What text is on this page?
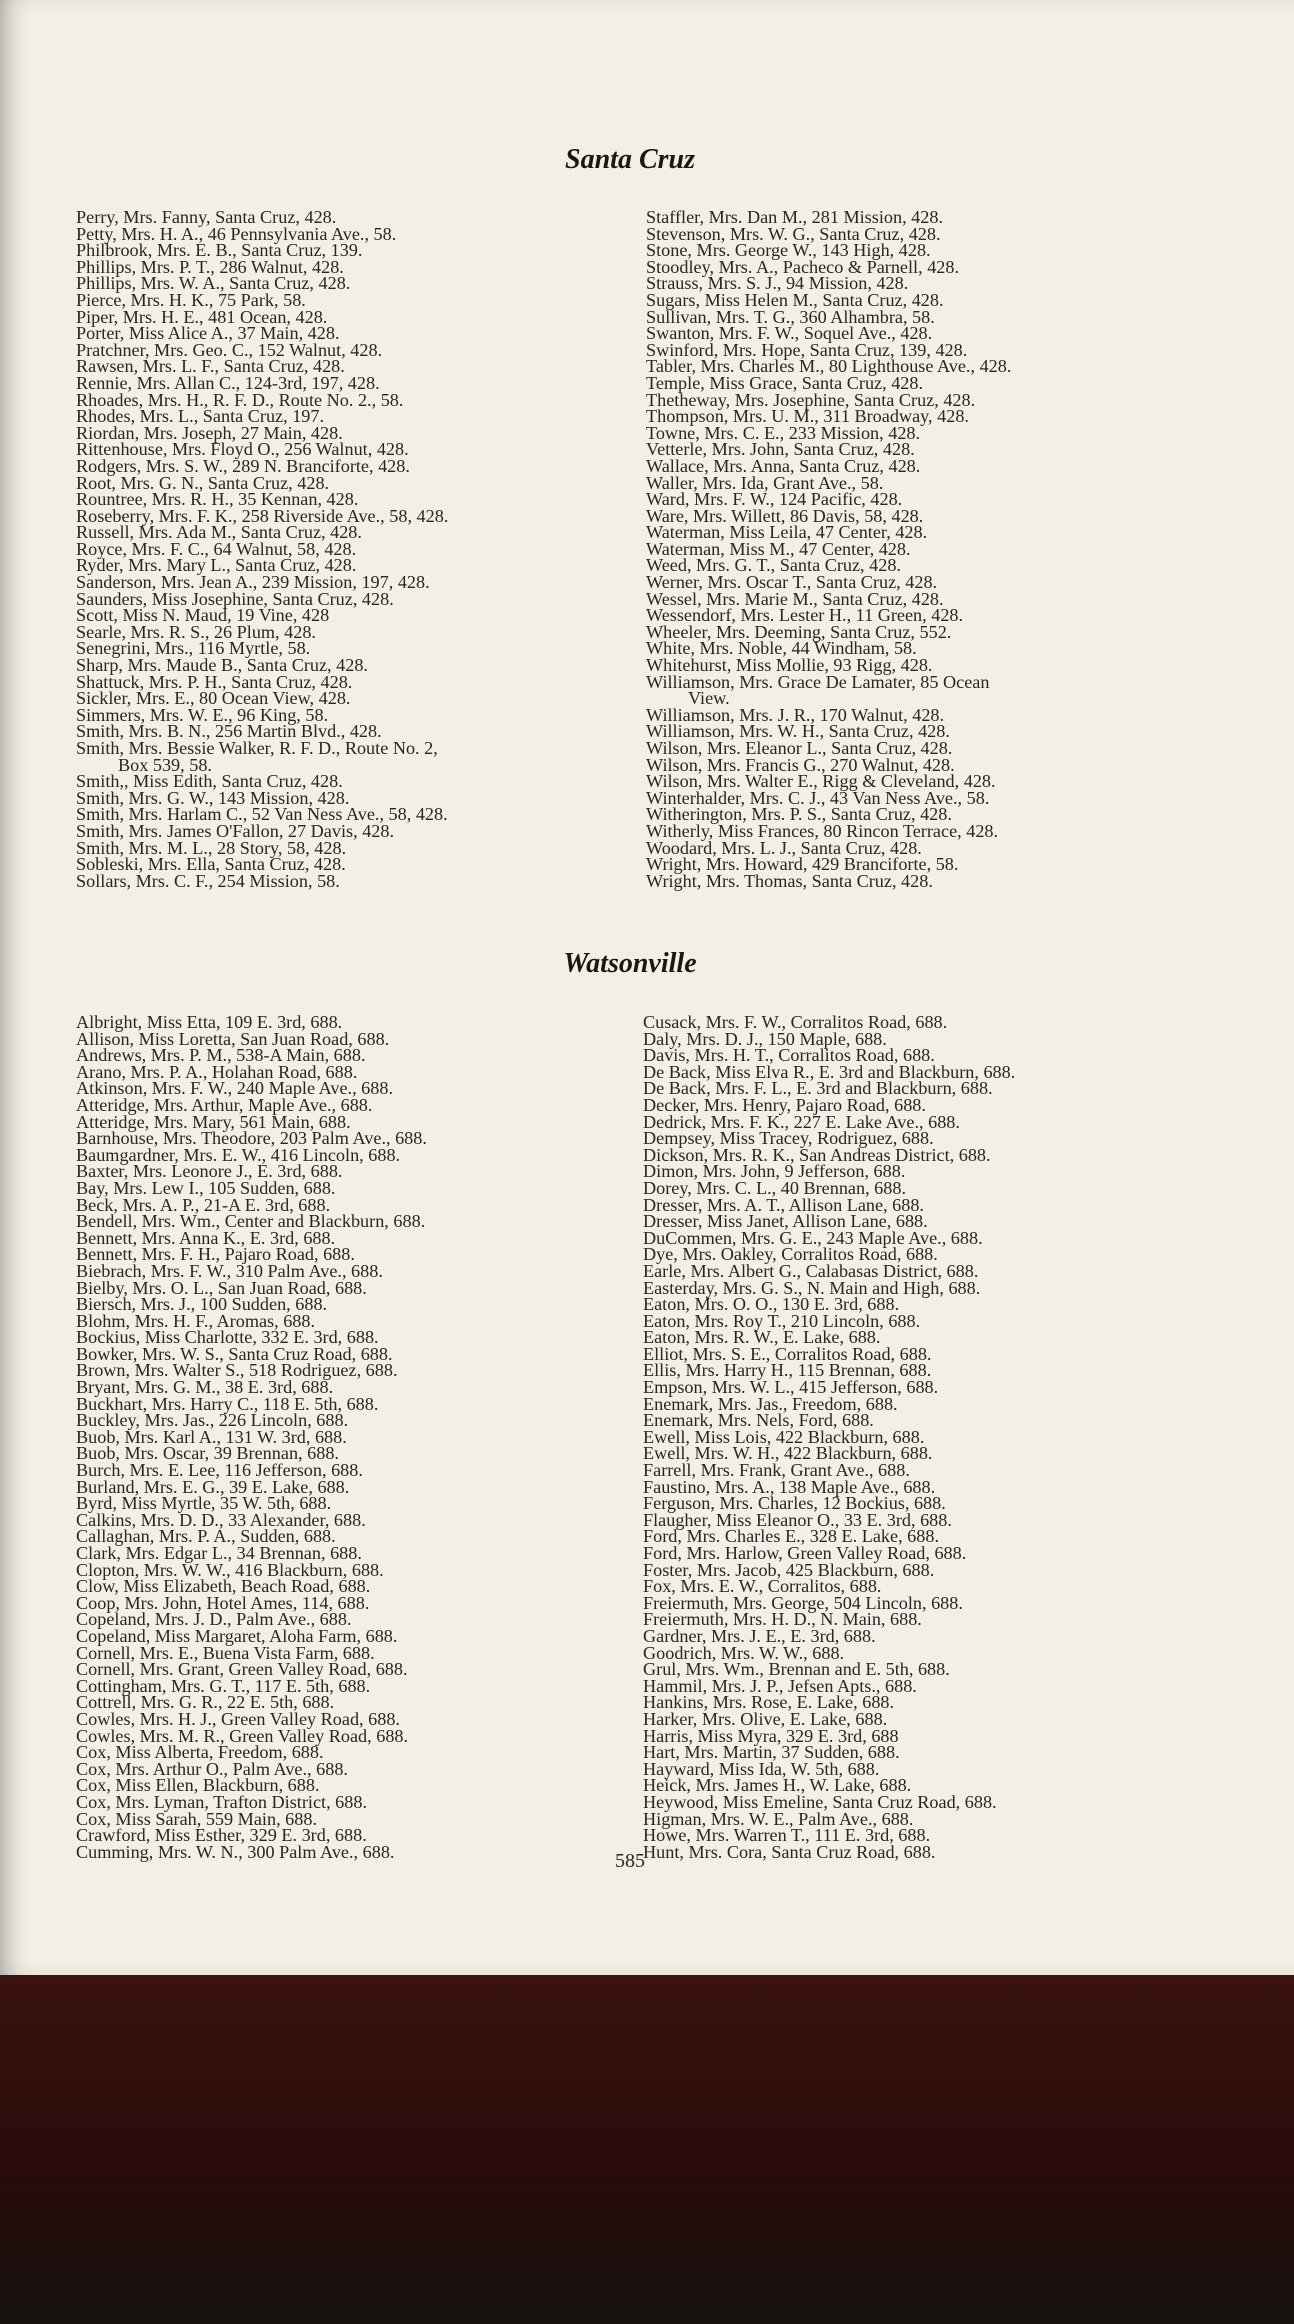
Santa Cruz
Perry, Mrs. Fanny, Santa Cruz, 428.
Petty, Mrs. H. A., 46 Pennsylvania Ave., 58.
Philbrook, Mrs. E. B., Santa Cruz, 139.
Phillips, Mrs. P. T., 286 Walnut, 428.
Phillips, Mrs. W. A., Santa Cruz, 428.
Pierce, Mrs. H. K., 75 Park, 58.
Piper, Mrs. H. E., 481 Ocean, 428.
Porter, Miss Alice A., 37 Main, 428.
Pratchner, Mrs. Geo. C., 152 Walnut, 428.
Rawsen, Mrs. L. F., Santa Cruz, 428.
Rennie, Mrs. Allan C., 124-3rd, 197, 428.
Rhoades, Mrs. H., R. F. D., Route No. 2., 58.
Rhodes, Mrs. L., Santa Cruz, 197.
Riordan, Mrs. Joseph, 27 Main, 428.
Rittenhouse, Mrs. Floyd O., 256 Walnut, 428.
Rodgers, Mrs. S. W., 289 N. Branciforte, 428.
Root, Mrs. G. N., Santa Cruz, 428.
Rountree, Mrs. R. H., 35 Kennan, 428.
Roseberry, Mrs. F. K., 258 Riverside Ave., 58, 428.
Russell, Mrs. Ada M., Santa Cruz, 428.
Royce, Mrs. F. C., 64 Walnut, 58, 428.
Ryder, Mrs. Mary L., Santa Cruz, 428.
Sanderson, Mrs. Jean A., 239 Mission, 197, 428.
Saunders, Miss Josephine, Santa Cruz, 428.
Scott, Miss N. Maud, 19 Vine, 428
Searle, Mrs. R. S., 26 Plum, 428.
Senegrini, Mrs., 116 Myrtle, 58.
Sharp, Mrs. Maude B., Santa Cruz, 428.
Shattuck, Mrs. P. H., Santa Cruz, 428.
Sickler, Mrs. E., 80 Ocean View, 428.
Simmers, Mrs. W. E., 96 King, 58.
Smith, Mrs. B. N., 256 Martin Blvd., 428.
Smith, Mrs. Bessie Walker, R. F. D., Route No. 2,
Box 539, 58.
Smith,, Miss Edith, Santa Cruz, 428.
Smith, Mrs. G. W., 143 Mission, 428.
Smith, Mrs. Harlam C., 52 Van Ness Ave., 58, 428.
Smith, Mrs. James O'Fallon, 27 Davis, 428.
Smith, Mrs. M. L., 28 Story, 58, 428.
Sobleski, Mrs. Ella, Santa Cruz, 428.
Sollars, Mrs. C. F., 254 Mission, 58.
Staffler, Mrs. Dan M., 281 Mission, 428.
Stevenson, Mrs. W. G., Santa Cruz, 428.
Stone, Mrs. George W., 143 High, 428.
Stoodley, Mrs. A., Pacheco & Parnell, 428.
Strauss, Mrs. S. J., 94 Mission, 428.
Sugars, Miss Helen M., Santa Cruz, 428.
Sullivan, Mrs. T. G., 360 Alhambra, 58.
Swanton, Mrs. F. W., Soquel Ave., 428.
Swinford, Mrs. Hope, Santa Cruz, 139, 428.
Tabler, Mrs. Charles M., 80 Lighthouse Ave., 428.
Temple, Miss Grace, Santa Cruz, 428.
Thetheway, Mrs. Josephine, Santa Cruz, 428.
Thompson, Mrs. U. M., 311 Broadway, 428.
Towne, Mrs. C. E., 233 Mission, 428.
Vetterle, Mrs. John, Santa Cruz, 428.
Wallace, Mrs. Anna, Santa Cruz, 428.
Waller, Mrs. Ida, Grant Ave., 58.
Ward, Mrs. F. W., 124 Pacific, 428.
Ware, Mrs. Willett, 86 Davis, 58, 428.
Waterman, Miss Leila, 47 Center, 428.
Waterman, Miss M., 47 Center, 428.
Weed, Mrs. G. T., Santa Cruz, 428.
Werner, Mrs. Oscar T., Santa Cruz, 428.
Wessel, Mrs. Marie M., Santa Cruz, 428.
Wessendorf, Mrs. Lester H., 11 Green, 428.
Wheeler, Mrs. Deeming, Santa Cruz, 552.
White, Mrs. Noble, 44 Windham, 58.
Whitehurst, Miss Mollie, 93 Rigg, 428.
Williamson, Mrs. Grace De Lamater, 85 Ocean
View.
Williamson, Mrs. J. R., 170 Walnut, 428.
Williamson, Mrs. W. H., Santa Cruz, 428.
Wilson, Mrs. Eleanor L., Santa Cruz, 428.
Wilson, Mrs. Francis G., 270 Walnut, 428.
Wilson, Mrs. Walter E., Rigg & Cleveland, 428.
Winterhalder, Mrs. C. J., 43 Van Ness Ave., 58.
Witherington, Mrs. P. S., Santa Cruz, 428.
Witherly, Miss Frances, 80 Rincon Terrace, 428.
Woodard, Mrs. L. J., Santa Cruz, 428.
Wright, Mrs. Howard, 429 Branciforte, 58.
Wright, Mrs. Thomas, Santa Cruz, 428.
Watsonville
Albright, Miss Etta, 109 E. 3rd, 688.
Allison, Miss Loretta, San Juan Road, 688.
Andrews, Mrs. P. M., 538-A Main, 688.
Arano, Mrs. P. A., Holahan Road, 688.
Atkinson, Mrs. F. W., 240 Maple Ave., 688.
Atteridge, Mrs. Arthur, Maple Ave., 688.
Atteridge, Mrs. Mary, 561 Main, 688.
Barnhouse, Mrs. Theodore, 203 Palm Ave., 688.
Baumgardner, Mrs. E. W., 416 Lincoln, 688.
Baxter, Mrs. Leonore J., E. 3rd, 688.
Bay, Mrs. Lew I., 105 Sudden, 688.
Beck, Mrs. A. P., 21-A E. 3rd, 688.
Bendell, Mrs. Wm., Center and Blackburn, 688.
Bennett, Mrs. Anna K., E. 3rd, 688.
Bennett, Mrs. F. H., Pajaro Road, 688.
Biebrach, Mrs. F. W., 310 Palm Ave., 688.
Bielby, Mrs. O. L., San Juan Road, 688.
Biersch, Mrs. J., 100 Sudden, 688.
Blohm, Mrs. H. F., Aromas, 688.
Bockius, Miss Charlotte, 332 E. 3rd, 688.
Bowker, Mrs. W. S., Santa Cruz Road, 688.
Brown, Mrs. Walter S., 518 Rodriguez, 688.
Bryant, Mrs. G. M., 38 E. 3rd, 688.
Buckhart, Mrs. Harry C., 118 E. 5th, 688.
Buckley, Mrs. Jas., 226 Lincoln, 688.
Buob, Mrs. Karl A., 131 W. 3rd, 688.
Buob, Mrs. Oscar, 39 Brennan, 688.
Burch, Mrs. E. Lee, 116 Jefferson, 688.
Burland, Mrs. E. G., 39 E. Lake, 688.
Byrd, Miss Myrtle, 35 W. 5th, 688.
Calkins, Mrs. D. D., 33 Alexander, 688.
Callaghan, Mrs. P. A., Sudden, 688.
Clark, Mrs. Edgar L., 34 Brennan, 688.
Clopton, Mrs. W. W., 416 Blackburn, 688.
Clow, Miss Elizabeth, Beach Road, 688.
Coop, Mrs. John, Hotel Ames, 114, 688.
Copeland, Mrs. J. D., Palm Ave., 688.
Copeland, Miss Margaret, Aloha Farm, 688.
Cornell, Mrs. E., Buena Vista Farm, 688.
Cornell, Mrs. Grant, Green Valley Road, 688.
Cottingham, Mrs. G. T., 117 E. 5th, 688.
Cottrell, Mrs. G. R., 22 E. 5th, 688.
Cowles, Mrs. H. J., Green Valley Road, 688.
Cowles, Mrs. M. R., Green Valley Road, 688.
Cox, Miss Alberta, Freedom, 688.
Cox, Mrs. Arthur O., Palm Ave., 688.
Cox, Miss Ellen, Blackburn, 688.
Cox, Mrs. Lyman, Trafton District, 688.
Cox, Miss Sarah, 559 Main, 688.
Crawford, Miss Esther, 329 E. 3rd, 688.
Cumming, Mrs. W. N., 300 Palm Ave., 688.
Cusack, Mrs. F. W., Corralitos Road, 688.
Daly, Mrs. D. J., 150 Maple, 688.
Davis, Mrs. H. T., Corralitos Road, 688.
De Back, Miss Elva R., E. 3rd and Blackburn, 688.
De Back, Mrs. F. L., E. 3rd and Blackburn, 688.
Decker, Mrs. Henry, Pajaro Road, 688.
Dedrick, Mrs. F. K., 227 E. Lake Ave., 688.
Dempsey, Miss Tracey, Rodriguez, 688.
Dickson, Mrs. R. K., San Andreas District, 688.
Dimon, Mrs. John, 9 Jefferson, 688.
Dorey, Mrs. C. L., 40 Brennan, 688.
Dresser, Mrs. A. T., Allison Lane, 688.
Dresser, Miss Janet, Allison Lane, 688.
DuCommen, Mrs. G. E., 243 Maple Ave., 688.
Dye, Mrs. Oakley, Corralitos Road, 688.
Earle, Mrs. Albert G., Calabasas District, 688.
Easterday, Mrs. G. S., N. Main and High, 688.
Eaton, Mrs. O. O., 130 E. 3rd, 688.
Eaton, Mrs. Roy T., 210 Lincoln, 688.
Eaton, Mrs. R. W., E. Lake, 688.
Elliot, Mrs. S. E., Corralitos Road, 688.
Ellis, Mrs. Harry H., 115 Brennan, 688.
Empson, Mrs. W. L., 415 Jefferson, 688.
Enemark, Mrs. Jas., Freedom, 688.
Enemark, Mrs. Nels, Ford, 688.
Ewell, Miss Lois, 422 Blackburn, 688.
Ewell, Mrs. W. H., 422 Blackburn, 688.
Farrell, Mrs. Frank, Grant Ave., 688.
Faustino, Mrs. A., 138 Maple Ave., 688.
Ferguson, Mrs. Charles, 12 Bockius, 688.
Flaugher, Miss Eleanor O., 33 E. 3rd, 688.
Ford, Mrs. Charles E., 328 E. Lake, 688.
Ford, Mrs. Harlow, Green Valley Road, 688.
Foster, Mrs. Jacob, 425 Blackburn, 688.
Fox, Mrs. E. W., Corralitos, 688.
Freiermuth, Mrs. George, 504 Lincoln, 688.
Freiermuth, Mrs. H. D., N. Main, 688.
Gardner, Mrs. J. E., E. 3rd, 688.
Goodrich, Mrs. W. W., 688.
Grul, Mrs. Wm., Brennan and E. 5th, 688.
Hammil, Mrs. J. P., Jefsen Apts., 688.
Hankins, Mrs. Rose, E. Lake, 688.
Harker, Mrs. Olive, E. Lake, 688.
Harris, Miss Myra, 329 E. 3rd, 688
Hart, Mrs. Martin, 37 Sudden, 688.
Hayward, Miss Ida, W. 5th, 688.
Heick, Mrs. James H., W. Lake, 688.
Heywood, Miss Emeline, Santa Cruz Road, 688.
Higman, Mrs. W. E., Palm Ave., 688.
Howe, Mrs. Warren T., 111 E. 3rd, 688.
Hunt, Mrs. Cora, Santa Cruz Road, 688.
585
